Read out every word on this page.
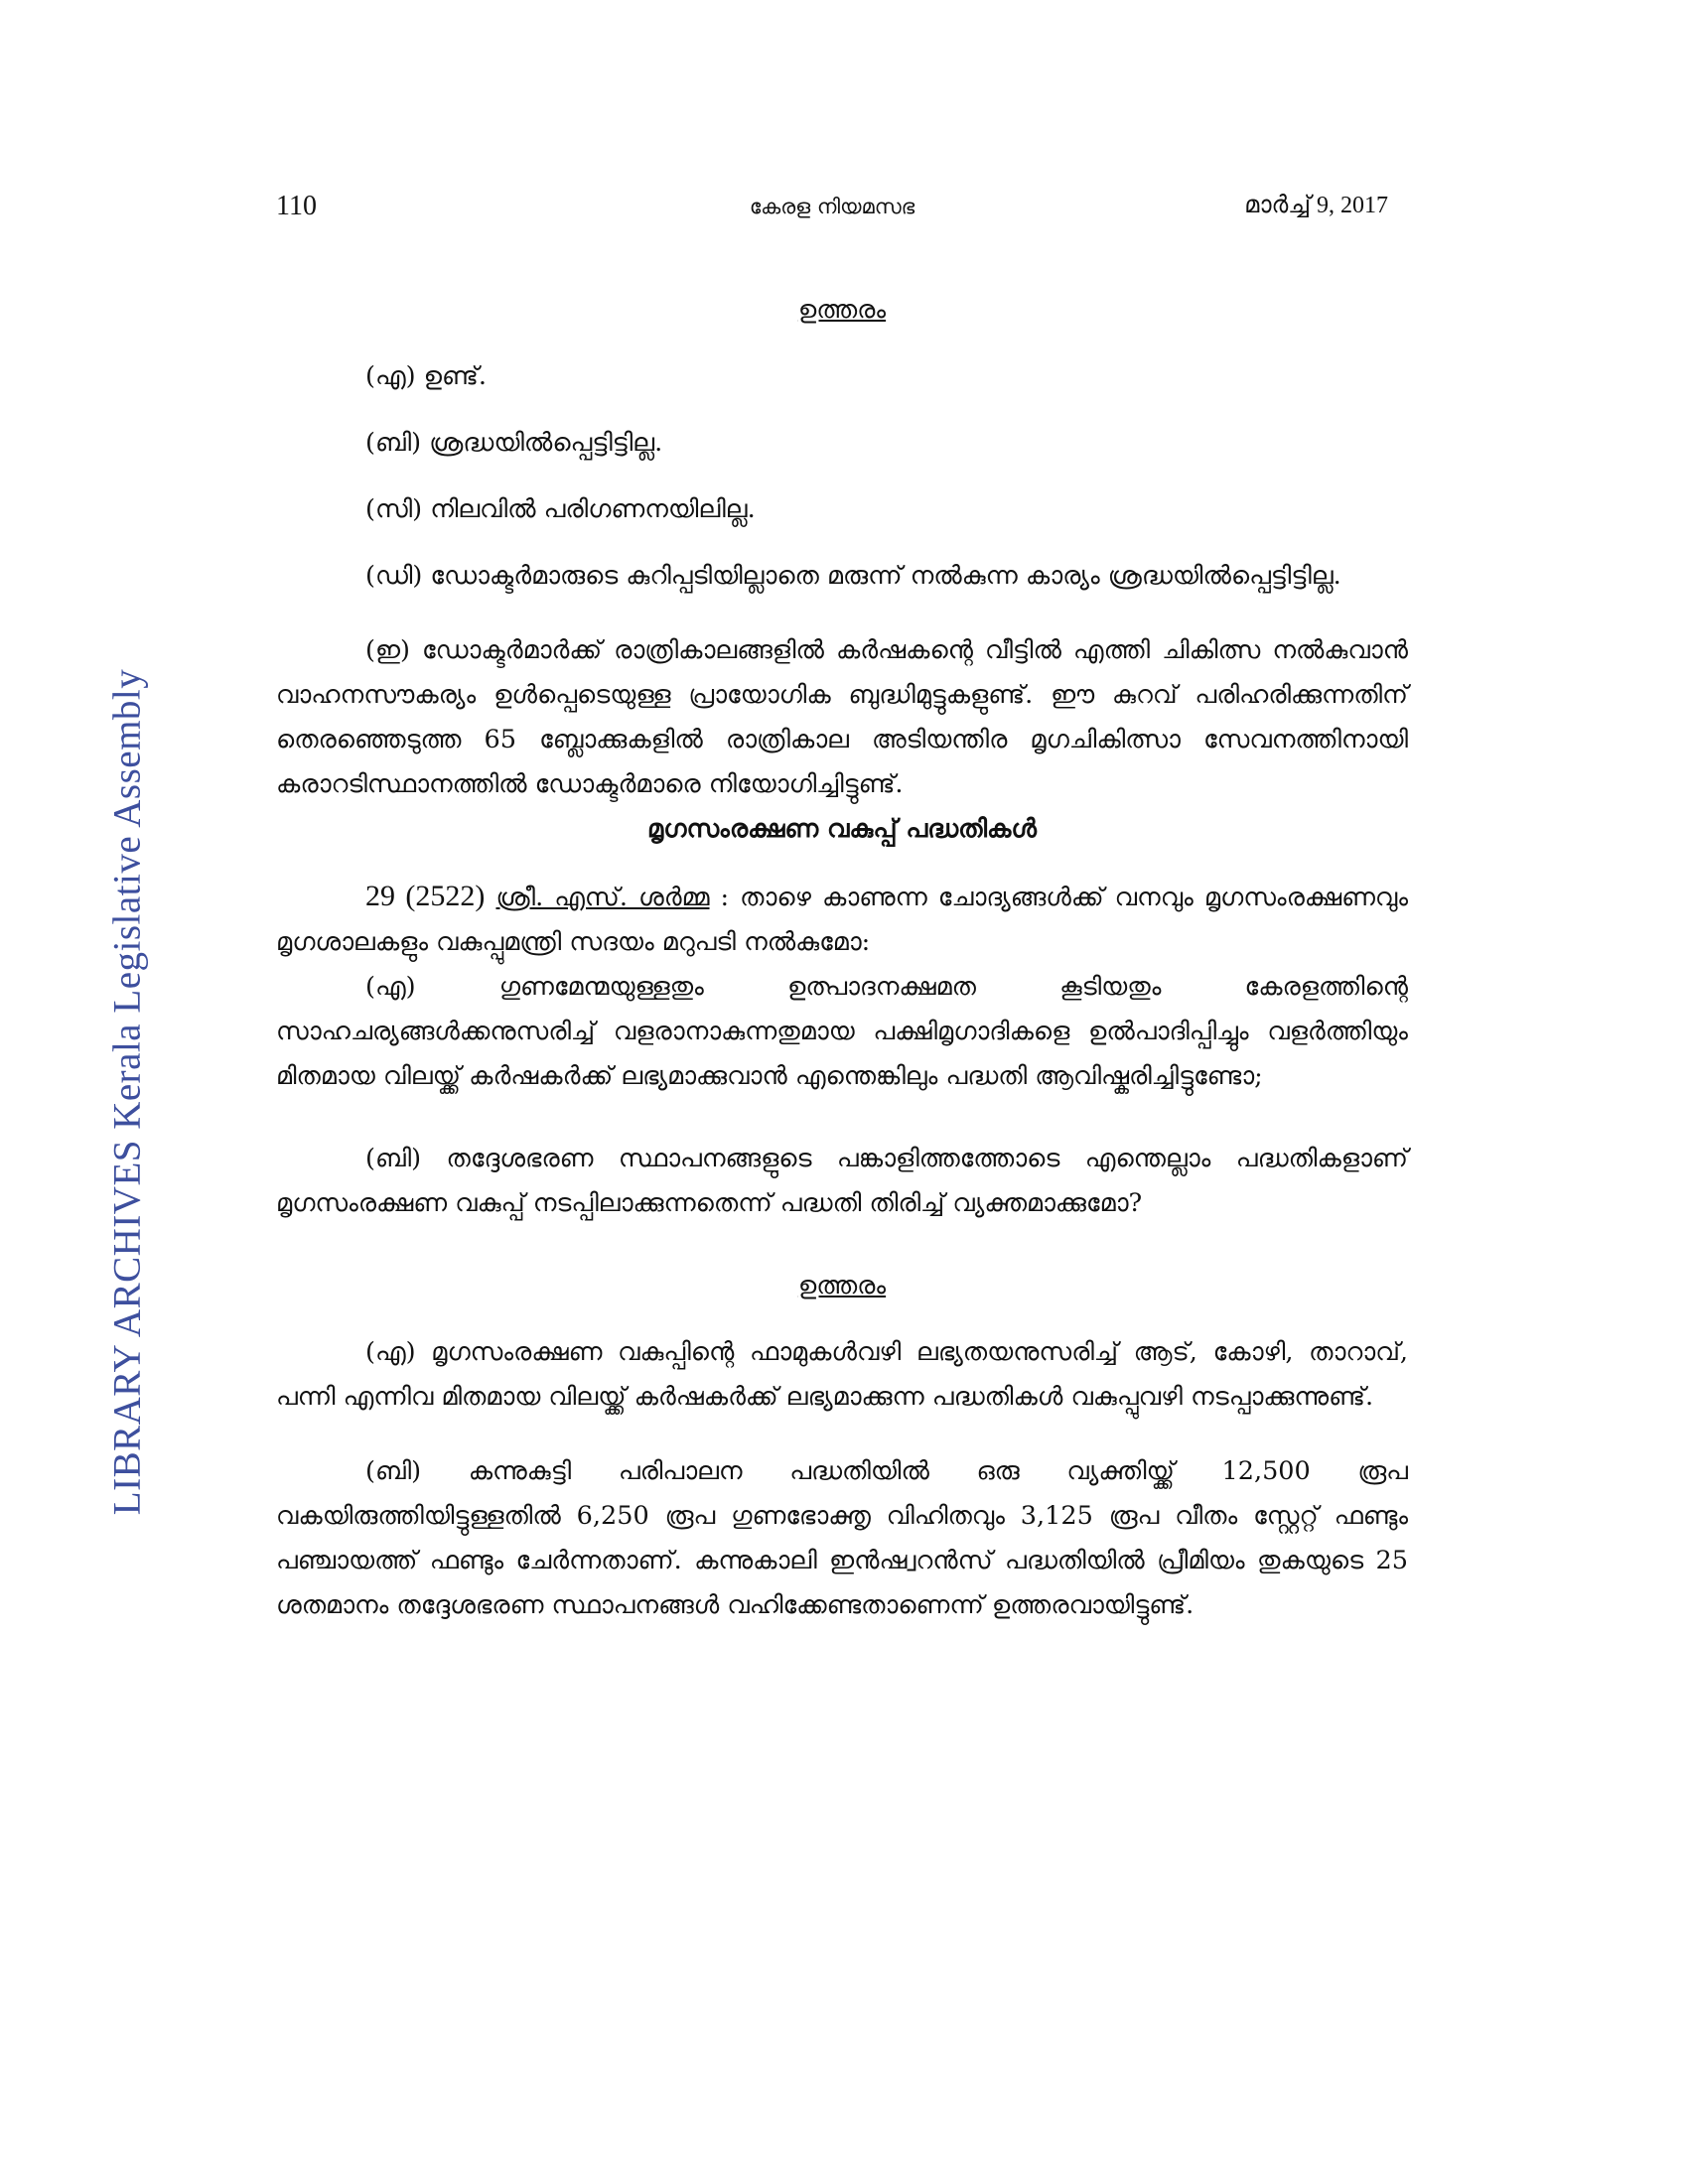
LIBRARY ARCHIVES Kerala Legislative Assembly
110	കേരള നിയമസഭ	മാർച്ച് 9, 2017

ഉത്തരം

(എ) ഉണ്ട്.

(ബി) ശ്രദ്ധയിൽപ്പെട്ടിട്ടില്ല.

(സി) നിലവിൽ പരിഗണനയിലില്ല.

(ഡി) ഡോക്ടർമാരുടെ കുറിപ്പടിയില്ലാതെ മരുന്ന് നൽകുന്ന കാര്യം ശ്രദ്ധയിൽപ്പെട്ടിട്ടില്ല.

(ഇ) ഡോക്ടർമാർക്ക് രാത്രികാലങ്ങളിൽ കർഷകന്റെ വീട്ടിൽ എത്തി ചികിത്സ നൽകുവാൻ വാഹനസൗകര്യം ഉൾപ്പെടെയുള്ള പ്രായോഗിക ബുദ്ധിമുട്ടുകളുണ്ട്. ഈ കുറവ് പരിഹരിക്കുന്നതിന് തെരഞ്ഞെടുത്ത 65 ബ്ലോക്കുകളിൽ രാത്രികാല അടിയന്തിര മൃഗചികിത്സാ സേവനത്തിനായി കരാറടിസ്ഥാനത്തിൽ ഡോക്ടർമാരെ നിയോഗിച്ചിട്ടുണ്ട്.

മൃഗസംരക്ഷണ വകുപ്പ് പദ്ധതികൾ

29 (2522) ശ്രീ. എസ്. ശർമ്മ : താഴെ കാണുന്ന ചോദ്യങ്ങൾക്ക് വനവും മൃഗസംരക്ഷണവും മൃഗശാലകളും വകുപ്പുമന്ത്രി സദയം മറുപടി നൽകുമോ:

(എ) ഗുണമേന്മയുള്ളതും ഉത്പാദനക്ഷമത കൂടിയതും കേരളത്തിന്റെ സാഹചര്യങ്ങൾക്കനുസരിച്ച് വളരാനാകുന്നതുമായ പക്ഷിമൃഗാദികളെ ഉൽപാദിപ്പിച്ചും വളർത്തിയും മിതമായ വിലയ്ക്ക് കർഷകർക്ക് ലഭ്യമാക്കുവാൻ എന്തെങ്കിലും പദ്ധതി ആവിഷ്കരിച്ചിട്ടുണ്ടോ;

(ബി) തദ്ദേശഭരണ സ്ഥാപനങ്ങളുടെ പങ്കാളിത്തത്തോടെ എന്തെല്ലാം പദ്ധതികളാണ് മൃഗസംരക്ഷണ വകുപ്പ് നടപ്പിലാക്കുന്നതെന്ന് പദ്ധതി തിരിച്ച് വ്യക്തമാക്കുമോ?

ഉത്തരം

(എ) മൃഗസംരക്ഷണ വകുപ്പിന്റെ ഫാമുകൾവഴി ലഭ്യതയനുസരിച്ച് ആട്, കോഴി, താറാവ്, പന്നി എന്നിവ മിതമായ വിലയ്ക്ക് കർഷകർക്ക് ലഭ്യമാക്കുന്ന പദ്ധതികൾ വകുപ്പുവഴി നടപ്പാക്കുന്നുണ്ട്.

(ബി) കന്നുകുട്ടി പരിപാലന പദ്ധതിയിൽ ഒരു വ്യക്തിയ്ക്ക് 12,500 രൂപ വകയിരുത്തിയിട്ടുള്ളതിൽ 6,250 രൂപ ഗുണഭോക്തൃ വിഹിതവും 3,125 രൂപ വീതം സ്റ്റേറ്റ് ഫണ്ടും പഞ്ചായത്ത് ഫണ്ടും ചേർന്നതാണ്. കന്നുകാലി ഇൻഷ്വറൻസ് പദ്ധതിയിൽ പ്രീമിയം തുകയുടെ 25 ശതമാനം തദ്ദേശഭരണ സ്ഥാപനങ്ങൾ വഹിക്കേണ്ടതാണെന്ന് ഉത്തരവായിട്ടുണ്ട്.
